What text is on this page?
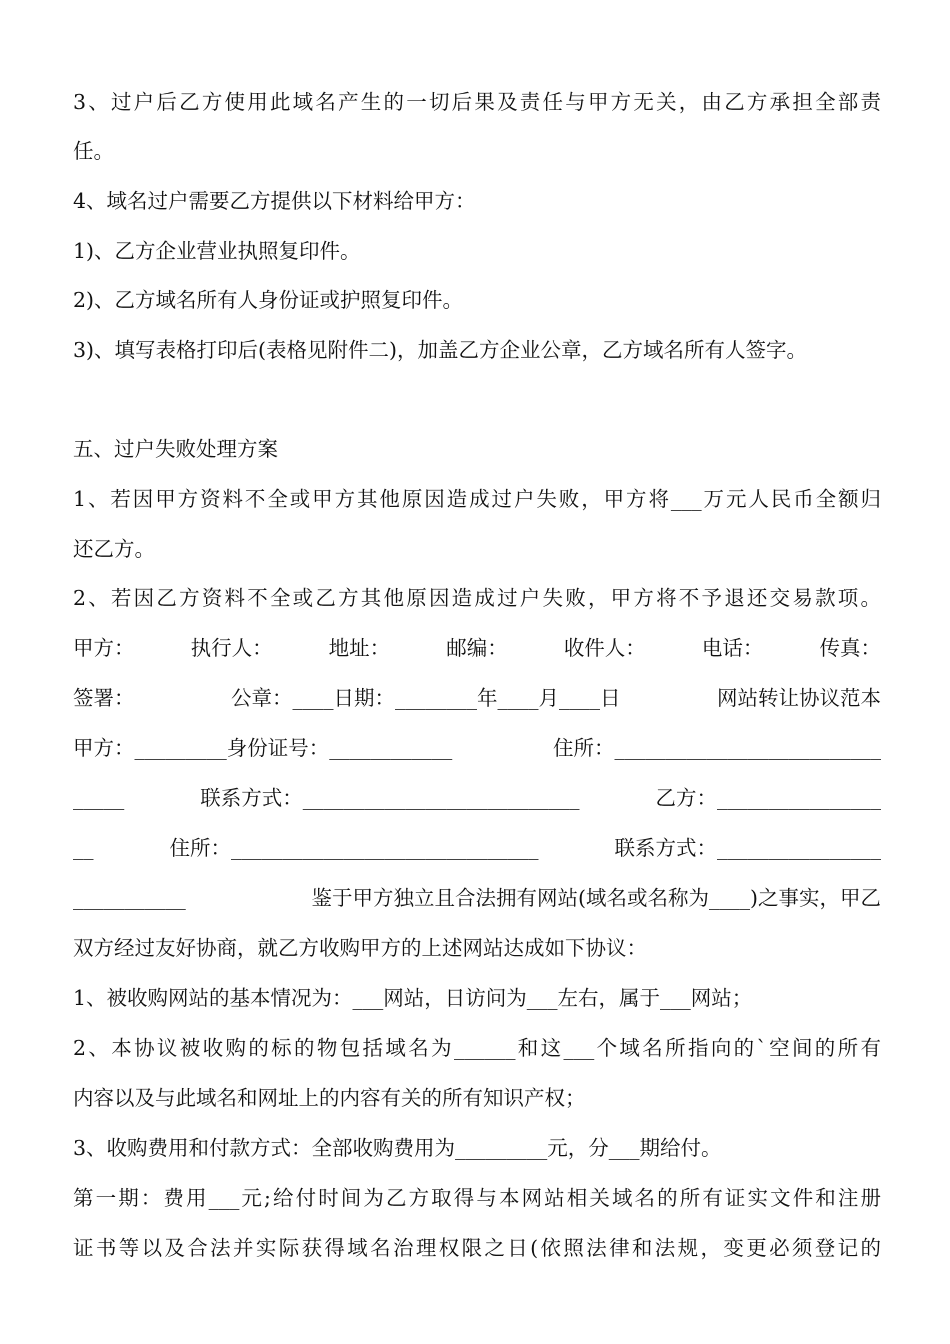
3、过户后乙方使用此域名产生的一切后果及责任与甲方无关，由乙方承担全部责
任。
4、域名过户需要乙方提供以下材料给甲方：
1)、乙方企业营业执照复印件。
2)、乙方域名所有人身份证或护照复印件。
3)、填写表格打印后(表格见附件二)，加盖乙方企业公章，乙方域名所有人签字。
五、过户失败处理方案
1、若因甲方资料不全或甲方其他原因造成过户失败，甲方将___万元人民币全额归
还乙方。
2、若因乙方资料不全或乙方其他原因造成过户失败，甲方将不予退还交易款项。
甲方：	执行人：	地址：	邮编：	收件人：	电话：	传真：
签署：	公章：____日期：________年____月____日	网站转让协议范本
甲方：_________身份证号：____________	住所：__________________________
_____	联系方式：___________________________	乙方：________________
__	住所：______________________________	联系方式：________________
___________	鉴于甲方独立且合法拥有网站(域名或名称为____)之事实，甲乙
双方经过友好协商，就乙方收购甲方的上述网站达成如下协议：
1、被收购网站的基本情况为：___网站，日访问为___左右，属于___网站；
2、本协议被收购的标的物包括域名为______和这___个域名所指向的`空间的所有
内容以及与此域名和网址上的内容有关的所有知识产权；
3、收购费用和付款方式：全部收购费用为_________元，分___期给付。
第一期：费用___元;给付时间为乙方取得与本网站相关域名的所有证实文件和注册
证书等以及合法并实际获得域名治理权限之日(依照法律和法规，变更必须登记的
